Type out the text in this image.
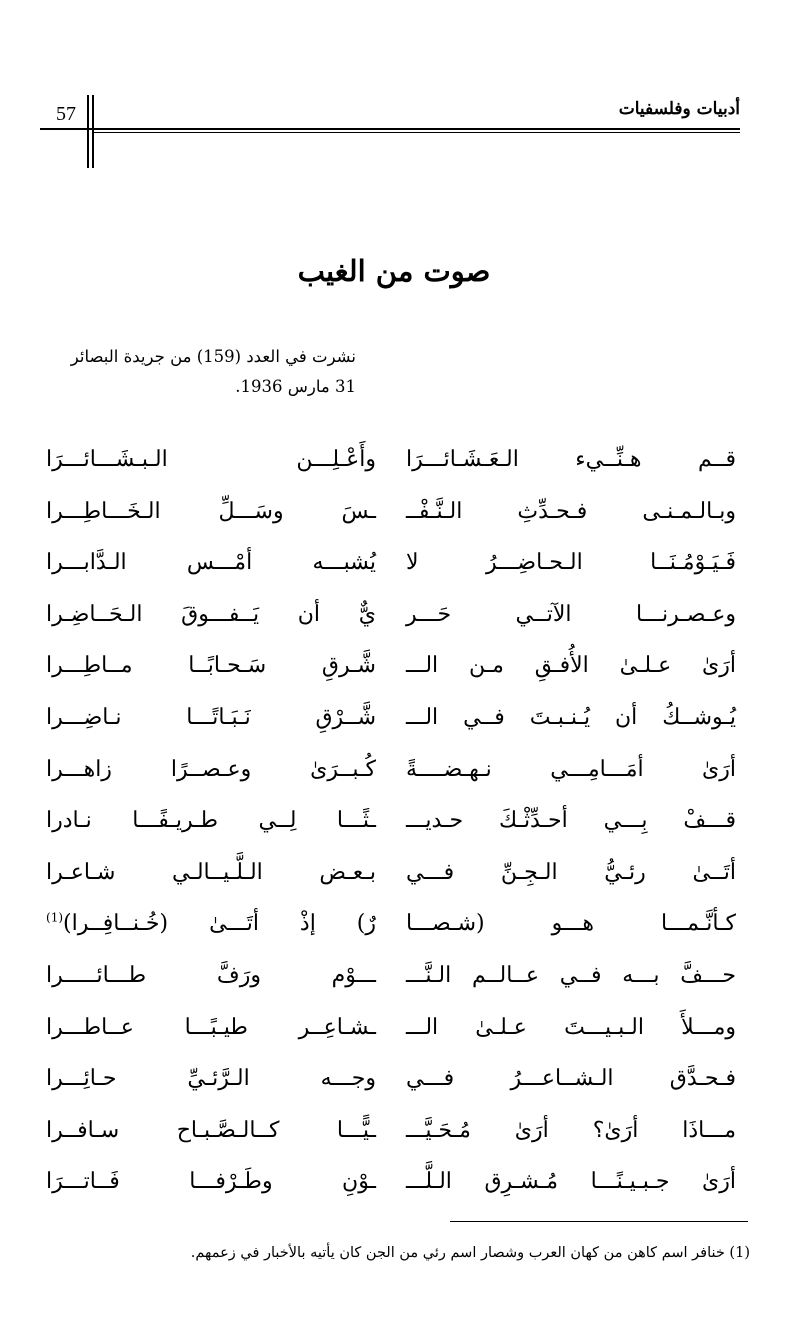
57	أدبيات وفلسفيات
صوت من الغيب
نشرت في العدد (159) من جريدة البصائر
31 مارس 1936.
قــم هـنِّــيء الـعَـشَـائـــرَا
وأَعْـلِـــن الـبـشَـــائـــرَا
وبـالـمـنـى فـحـدِّثِ الـنَّـفْــ
ـسَ وسَـــلِّ الـخَـــاطِـــرا
فَـيَـوْمُـنَــا الـحـاضِـــرُ لا
يُشبـــه أمْـــس الـدَّابـــرا
وعـصـرنـــا الآتــي حَـــر
يٌّ أن يَــفـــوقَ الـحَــاضِـرا
أرَىٰ عـلـىٰ الأُفـقِ مـن الـــ
شَّـرقِ سَـحـابًــا مــاطِـــرا
يُـوشــكُ أن يُـنـبـتَ فــي الـــ
شَّــرْقِ نَـبَـاتًـــا نـاضِـــرا
أرَىٰ أمَـــامِـــي نـهـضــــةً
كُـبــرَىٰ وعـصــرًا زاهـــرا
قـــفْ بِـــي أحـدِّثْـكَ حـديـــ
ـثًـــا لِــي طـريـفًـــا نـادرا
أتَــىٰ رئـيُّ الـجِـنِّ فـــي
بـعـض الـلَّـيــالـي شـاعـرا
كـأنَّـمـــا هـــو (شـصـــا
رٌ) إذْ أتَـــىٰ (خُـنــافِــرا)$^{(1)}$
حـــفَّ بـــه فــي عــالــم الـنَّـــ
ـــوْم ورَفَّ طـــائـــــرا
ومـــلأَ الـبـيـــتَ عـلـىٰ الـــ
ـشـاعِــر طيـبًـــا عــاطـــرا
فـحـدَّق الـشــاعـــرُ فـــي
وجـــه الـرَّئـيِّ حـائِـــرا
مـــاذَا أرَىٰ؟ أرَىٰ مُـحَـيَّـــ
ـيًّـــا كــالـصَّـبـاح سـافــرا
أرَىٰ جـبـيـنًـــا مُـشـرِق الـلَّـــ
ـوْنِ وطَـرْفـــا فَــاتـــرَا
(1) خنافر اسم كاهن من كهان العرب وشصار اسم رئي من الجن كان يأتيه بالأخبار في زعمهم.
